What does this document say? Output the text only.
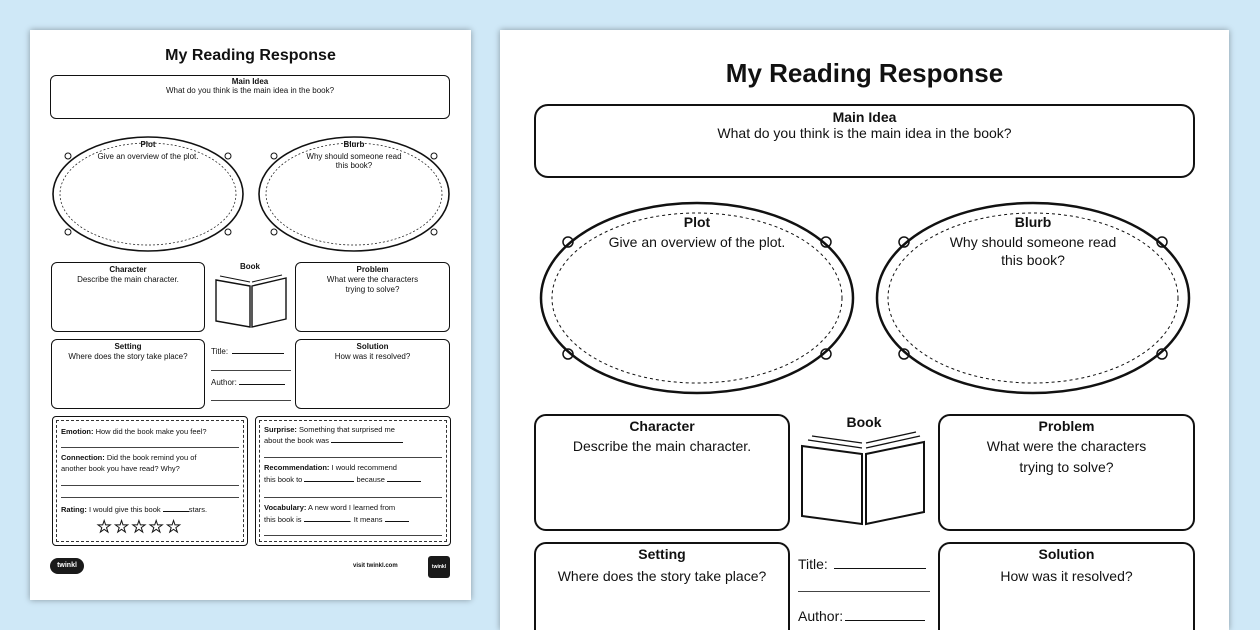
My Reading Response
Main Idea
What do you think is the main idea in the book?
Plot
Give an overview of the plot.
Blurb
Why should someone read
this book?
Character
Describe the main character.
Book	Problem
What were the characters
trying to solve?
Setting
Where does the story take place?
Title:
Author:
Solution
How was it resolved?
Emotion: How did the book make you feel?
Connection: Did the book remind you of
another book you have read? Why?
Rating: I would give this book	stars.
★★★★★
Surprise: Something that surprised me
about the book was
Recommendation: I would recommend
this book to	because
Vocabulary: A new word I learned from
this book is	. It means
twinkl	visit twinkl.com	twinkl
My Reading Response
Main Idea
What do you think is the main idea in the book?
Plot
Give an overview of the plot.
Blurb
Why should someone read
this book?
Character
Describe the main character.
Book	Problem
What were the characters
trying to solve?
Setting
Where does the story take place?
Title:
Author:
Solution
How was it resolved?
